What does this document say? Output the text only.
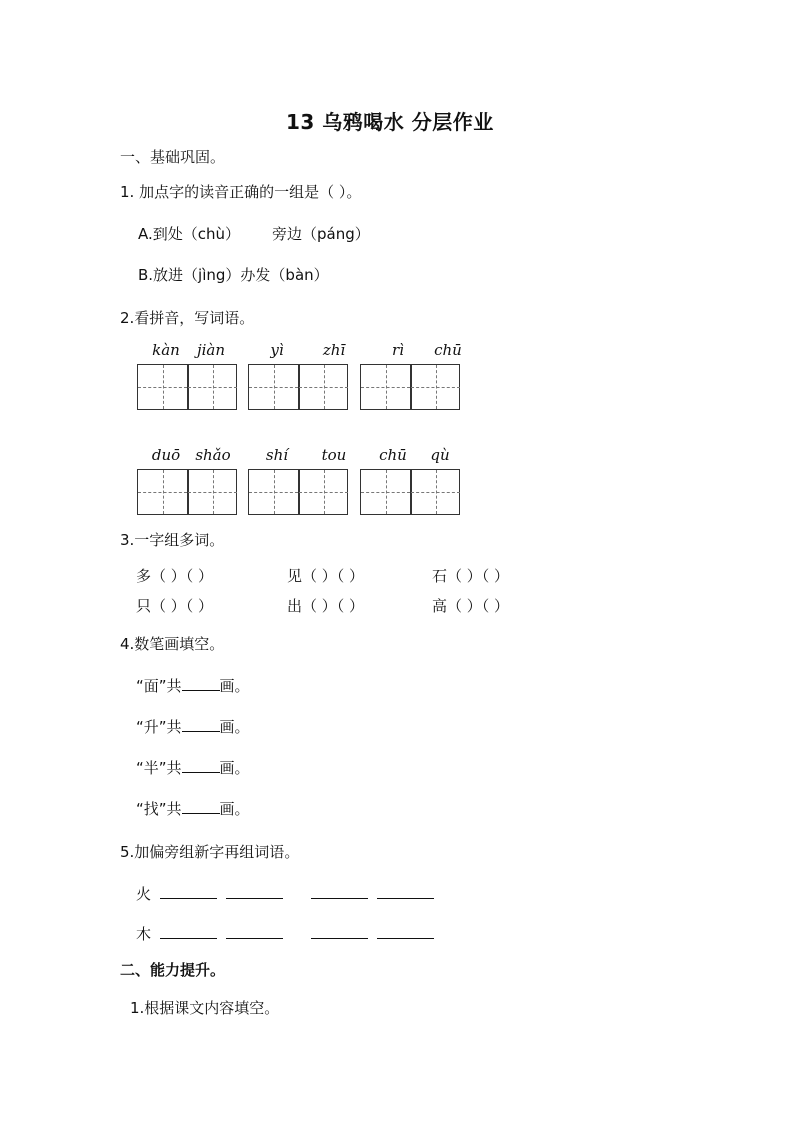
13 乌鸦喝水 分层作业
一、基础巩固。
1. 加点字的读音正确的一组是（ ）。
A.到处（chù） 旁边（páng）
B.放进（jìng）办发（bàn）
2.看拼音，写词语。
kàn	jiàn	yì	zhī	rì	chū
duō	shǎo	shí	tou	chū	qù
3.一字组多词。
多（ ）（ ）	见（ ）（ ）	石（ ）（ ）
只（ ）（ ）	出（ ）（ ）	高（ ）（ ）
4.数笔画填空。
“面”共	画。
“升”共	画。
“半”共	画。
“找”共	画。
5.加偏旁组新字再组词语。
火
木
二、能力提升。
1.根据课文内容填空。
